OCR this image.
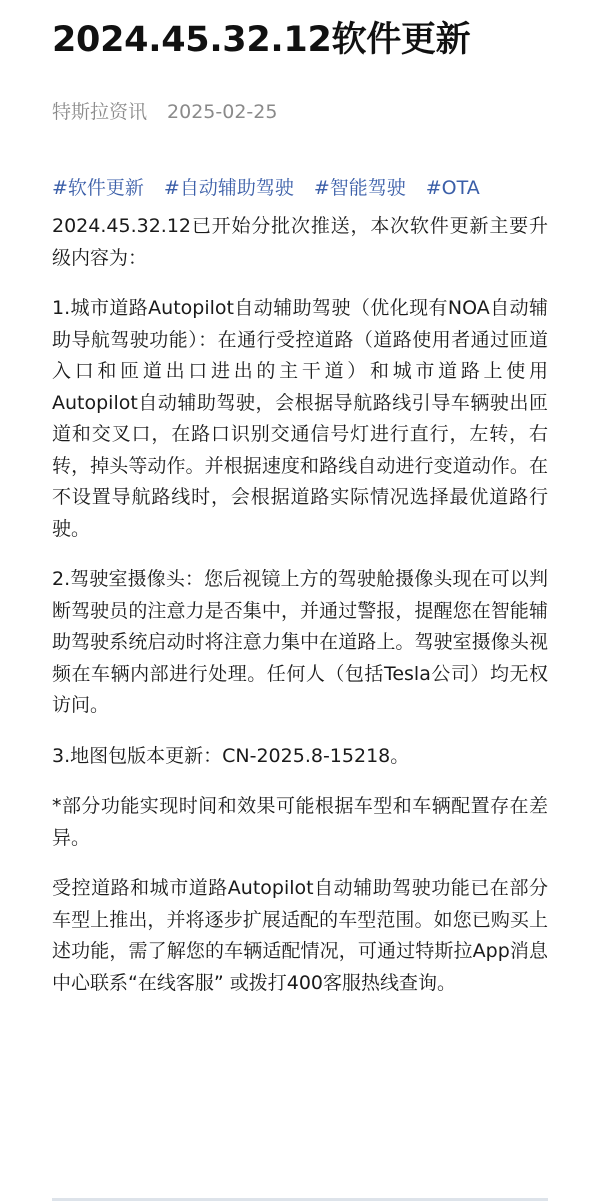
2024.45.32.12软件更新
特斯拉资讯 2025-02-25
#软件更新 #自动辅助驾驶 #智能驾驶 #OTA

2024.45.32.12已开始分批次推送，本次软件更新主要升级内容为：

1.城市道路Autopilot自动辅助驾驶（优化现有NOA自动辅助导航驾驶功能）：在通行受控道路（道路使用者通过匝道入口和匝道出口进出的主干道）和城市道路上使用Autopilot自动辅助驾驶，会根据导航路线引导车辆驶出匝道和交叉口，在路口识别交通信号灯进行直行，左转，右转，掉头等动作。并根据速度和路线自动进行变道动作。在不设置导航路线时，会根据道路实际情况选择最优道路行驶。

2.驾驶室摄像头：您后视镜上方的驾驶舱摄像头现在可以判断驾驶员的注意力是否集中，并通过警报，提醒您在智能辅助驾驶系统启动时将注意力集中在道路上。驾驶室摄像头视频在车辆内部进行处理。任何人（包括Tesla公司）均无权访问。

3.地图包版本更新：CN-2025.8-15218。

*部分功能实现时间和效果可能根据车型和车辆配置存在差异。

受控道路和城市道路Autopilot自动辅助驾驶功能已在部分车型上推出，并将逐步扩展适配的车型范围。如您已购买上述功能，需了解您的车辆适配情况，可通过特斯拉App消息中心联系“在线客服” 或拨打400客服热线查询。
